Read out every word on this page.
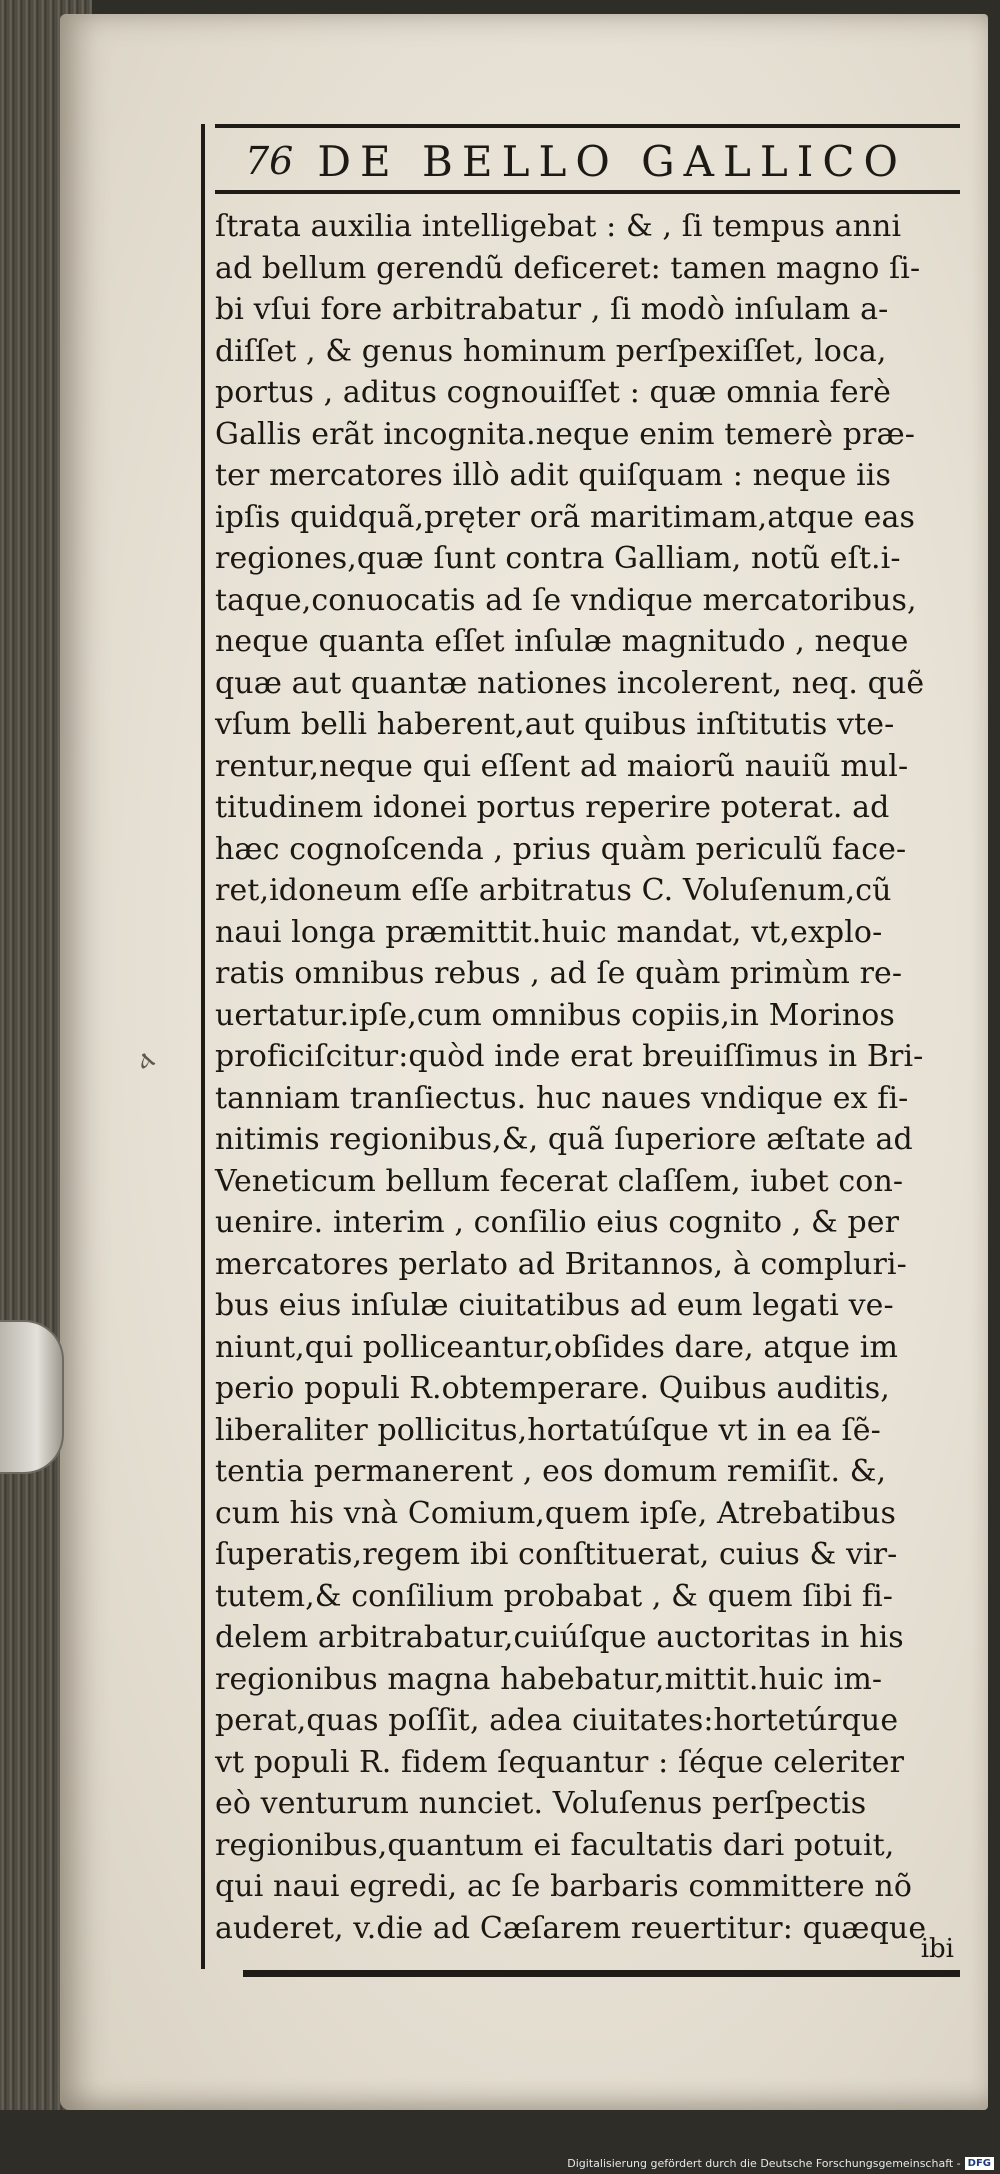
ⲁ
76 DE BELLO GALLICO
ſtrata auxilia intelligebat : & , ſi tempus anni
ad bellum gerendũ deficeret: tamen magno ſi-
bi vſui fore arbitrabatur , ſi modò inſulam a-
diſſet , & genus hominum perſpexiſſet, loca,
portus , aditus cognouiſſet : quæ omnia ferè
Gallis erãt incognita.neque enim temerè præ-
ter mercatores illò adit quiſquam : neque iis
ipſis quidquã,pręter orã maritimam,atque eas
regiones,quæ ſunt contra Galliam, notũ eſt.i-
taque,conuocatis ad ſe vndique mercatoribus,
neque quanta eſſet inſulæ magnitudo , neque
quæ aut quantæ nationes incolerent, neq. quẽ
vſum belli haberent,aut quibus inſtitutis vte-
rentur,neque qui eſſent ad maiorũ nauiũ mul-
titudinem idonei portus reperire poterat. ad
hæc cognoſcenda , prius quàm periculũ face-
ret,idoneum eſſe arbitratus C. Voluſenum,cũ
naui longa præmittit.huic mandat, vt,explo-
ratis omnibus rebus , ad ſe quàm primùm re-
uertatur.ipſe,cum omnibus copiis,in Morinos
proficiſcitur:quòd inde erat breuiſſimus in Bri-
tanniam tranſiectus. huc naues vndique ex fi-
nitimis regionibus,&, quã ſuperiore æſtate ad
Veneticum bellum fecerat claſſem, iubet con-
uenire. interim , conſilio eius cognito , & per
mercatores perlato ad Britannos, à compluri-
bus eius inſulæ ciuitatibus ad eum legati ve-
niunt,qui polliceantur,obſides dare, atque im
perio populi R.obtemperare. Quibus auditis,
liberaliter pollicitus,hortatúſque vt in ea ſẽ-
tentia permanerent , eos domum remiſit. &,
cum his vnà Comium,quem ipſe, Atrebatibus
ſuperatis,regem ibi conſtituerat, cuius & vir-
tutem,& conſilium probabat , & quem ſibi fi-
delem arbitrabatur,cuiúſque auctoritas in his
regionibus magna habebatur,mittit.huic im-
perat,quas poſſit, adea ciuitates:hortetúrque
vt populi R. fidem ſequantur : ſéque celeriter
eò venturum nunciet. Voluſenus perſpectis
regionibus,quantum ei facultatis dari potuit,
qui naui egredi, ac ſe barbaris committere nõ
auderet, v.die ad Cæſarem reuertitur: quæque
ibi
Digitalisierung gefördert durch die Deutsche Forschungsgemeinschaft - DFG
